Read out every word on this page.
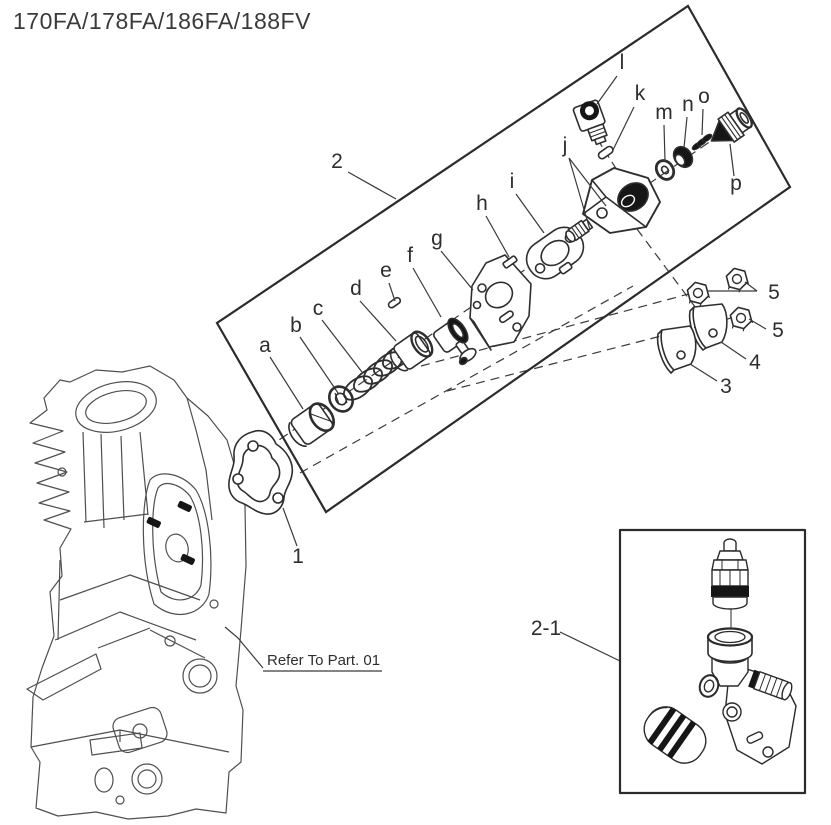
170FA/178FA/186FA/188FV
a
b
c
d
e
f
g
h
i
j
k
l
m n o
p
1
2
3
4
5
5
2-1
Refer To Part. 01
